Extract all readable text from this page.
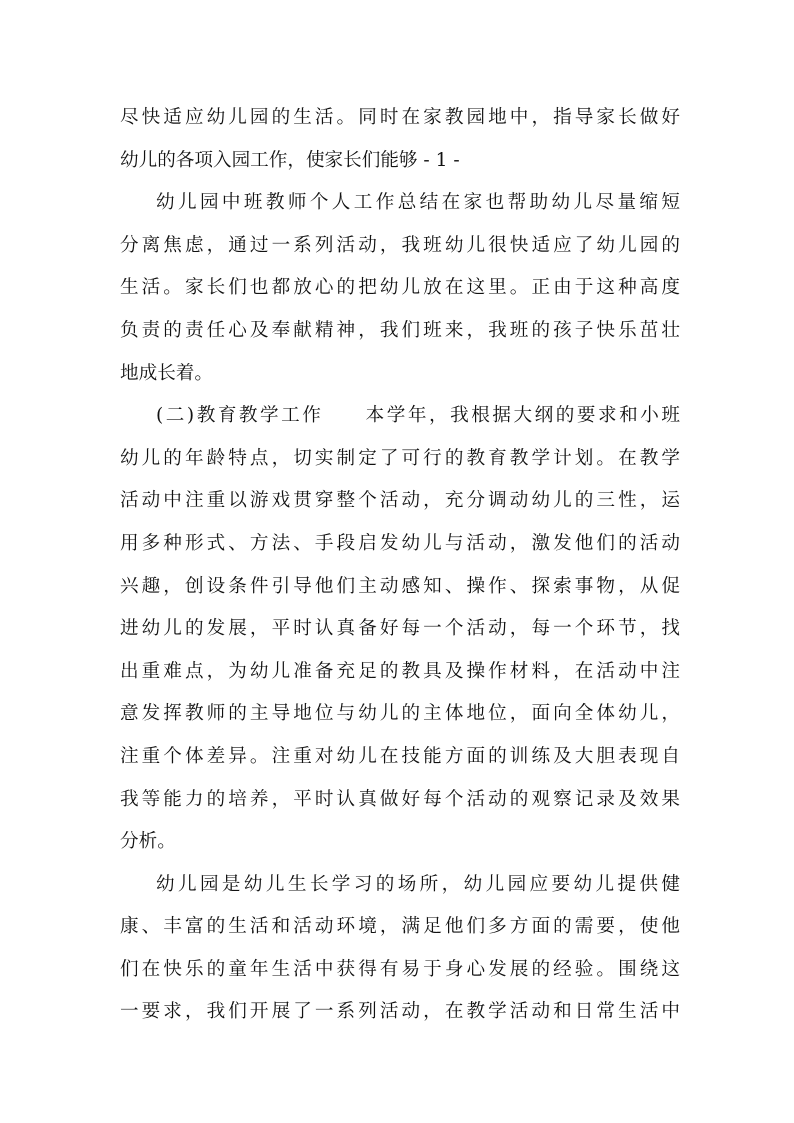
尽快适应幼儿园的生活。同时在家教园地中，指导家长做好
幼儿的各项入园工作，使家长们能够 - 1 -
幼儿园中班教师个人工作总结在家也帮助幼儿尽量缩短
分离焦虑，通过一系列活动，我班幼儿很快适应了幼儿园的
生活。家长们也都放心的把幼儿放在这里。正由于这种高度
负责的责任心及奉献精神，我们班来，我班的孩子快乐茁壮
地成长着。
(二)教育教学工作　　本学年，我根据大纲的要求和小班
幼儿的年龄特点，切实制定了可行的教育教学计划。在教学
活动中注重以游戏贯穿整个活动，充分调动幼儿的三性，运
用多种形式、方法、手段启发幼儿与活动，激发他们的活动
兴趣，创设条件引导他们主动感知、操作、探索事物，从促
进幼儿的发展，平时认真备好每一个活动，每一个环节，找
出重难点，为幼儿准备充足的教具及操作材料，在活动中注
意发挥教师的主导地位与幼儿的主体地位，面向全体幼儿，
注重个体差异。注重对幼儿在技能方面的训练及大胆表现自
我等能力的培养，平时认真做好每个活动的观察记录及效果
分析。
幼儿园是幼儿生长学习的场所，幼儿园应要幼儿提供健
康、丰富的生活和活动环境，满足他们多方面的需要，使他
们在快乐的童年生活中获得有易于身心发展的经验。围绕这
一要求，我们开展了一系列活动，在教学活动和日常生活中
